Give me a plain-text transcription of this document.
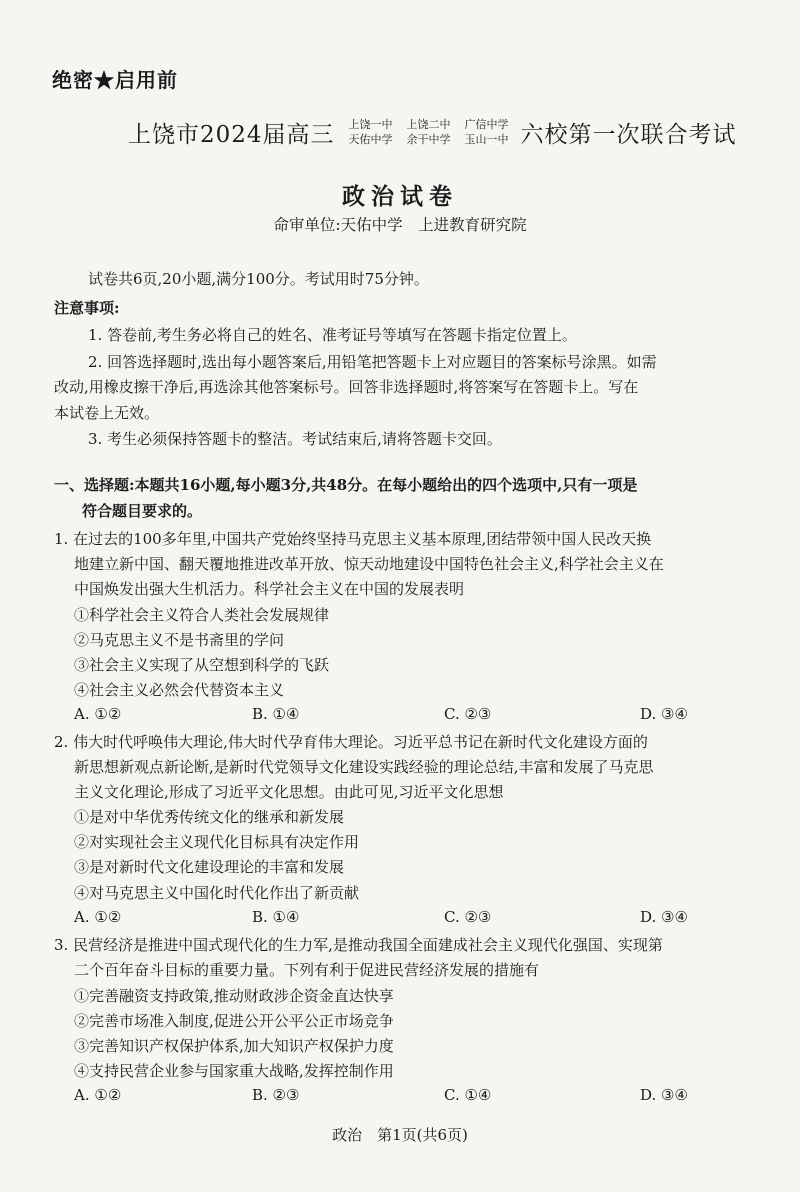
绝密★启用前
上饶市2024届高三 上饶一中 上饶二中 广信中学
天佑中学 余干中学 玉山一中 六校第一次联合考试
政治试卷
命审单位:天佑中学　上进教育研究院
试卷共6页,20小题,满分100分。考试用时75分钟。
注意事项:
1. 答卷前,考生务必将自己的姓名、准考证号等填写在答题卡指定位置上。
2. 回答选择题时,选出每小题答案后,用铅笔把答题卡上对应题目的答案标号涂黑。如需
改动,用橡皮擦干净后,再选涂其他答案标号。回答非选择题时,将答案写在答题卡上。写在
本试卷上无效。
3. 考生必须保持答题卡的整洁。考试结束后,请将答题卡交回。
一、选择题:本题共16小题,每小题3分,共48分。在每小题给出的四个选项中,只有一项是
符合题目要求的。
1. 在过去的100多年里,中国共产党始终坚持马克思主义基本原理,团结带领中国人民改天换
地建立新中国、翻天覆地推进改革开放、惊天动地建设中国特色社会主义,科学社会主义在
中国焕发出强大生机活力。科学社会主义在中国的发展表明
①科学社会主义符合人类社会发展规律
②马克思主义不是书斋里的学问
③社会主义实现了从空想到科学的飞跃
④社会主义必然会代替资本主义
A. ①②	B. ①④	C. ②③	D. ③④
2. 伟大时代呼唤伟大理论,伟大时代孕育伟大理论。习近平总书记在新时代文化建设方面的
新思想新观点新论断,是新时代党领导文化建设实践经验的理论总结,丰富和发展了马克思
主义文化理论,形成了习近平文化思想。由此可见,习近平文化思想
①是对中华优秀传统文化的继承和新发展
②对实现社会主义现代化目标具有决定作用
③是对新时代文化建设理论的丰富和发展
④对马克思主义中国化时代化作出了新贡献
A. ①②	B. ①④	C. ②③	D. ③④
3. 民营经济是推进中国式现代化的生力军,是推动我国全面建成社会主义现代化强国、实现第
二个百年奋斗目标的重要力量。下列有利于促进民营经济发展的措施有
①完善融资支持政策,推动财政涉企资金直达快享
②完善市场准入制度,促进公开公平公正市场竞争
③完善知识产权保护体系,加大知识产权保护力度
④支持民营企业参与国家重大战略,发挥控制作用
A. ①②	B. ②③	C. ①④	D. ③④
政治　第1页(共6页)
